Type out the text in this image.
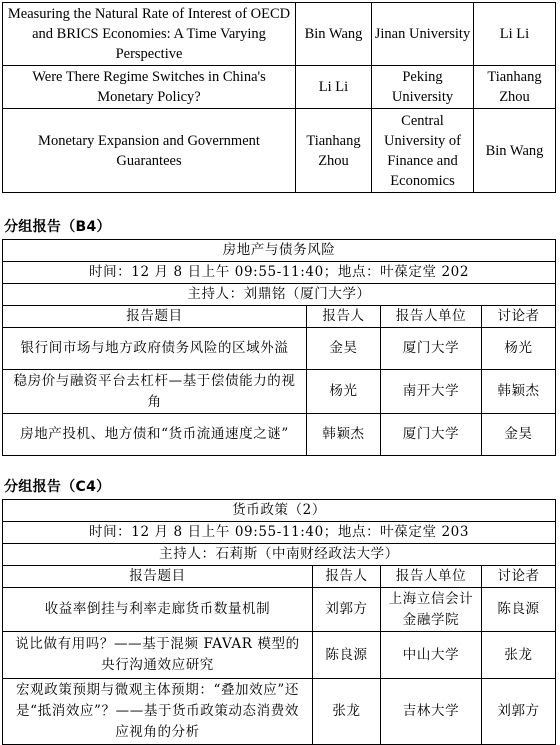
Measuring the Natural Rate of Interest of OECD and BRICS Economies: A Time Varying Perspective	Bin Wang	Jinan University	Li Li
Were There Regime Switches in China's Monetary Policy?	Li Li	Peking University	Tianhang Zhou
Monetary Expansion and Government Guarantees	Tianhang Zhou	Central University of Finance and Economics	Bin Wang
分组报告（B4）
房地产与债务风险			
时间：12 月 8 日上午 09:55-11:40；地点：叶葆定堂 202			
主持人：刘鼎铭（厦门大学）			
报告题目	报告人	报告人单位	讨论者
银行间市场与地方政府债务风险的区域外溢	金昊	厦门大学	杨光
稳房价与融资平台去杠杆—基于偿债能力的视角	杨光	南开大学	韩颖杰
房地产投机、地方债和“货币流通速度之谜”	韩颖杰	厦门大学	金昊
分组报告（C4）
货币政策（2）			
时间：12 月 8 日上午 09:55-11:40；地点：叶葆定堂 203			
主持人：石莉斯（中南财经政法大学）			
报告题目	报告人	报告人单位	讨论者
收益率倒挂与利率走廊货币数量机制	刘郭方	上海立信会计金融学院	陈良源
说比做有用吗？——基于混频 FAVAR 模型的央行沟通效应研究	陈良源	中山大学	张龙
宏观政策预期与微观主体预期：“叠加效应”还是“抵消效应”？——基于货币政策动态消费效应视角的分析	张龙	吉林大学	刘郭方
